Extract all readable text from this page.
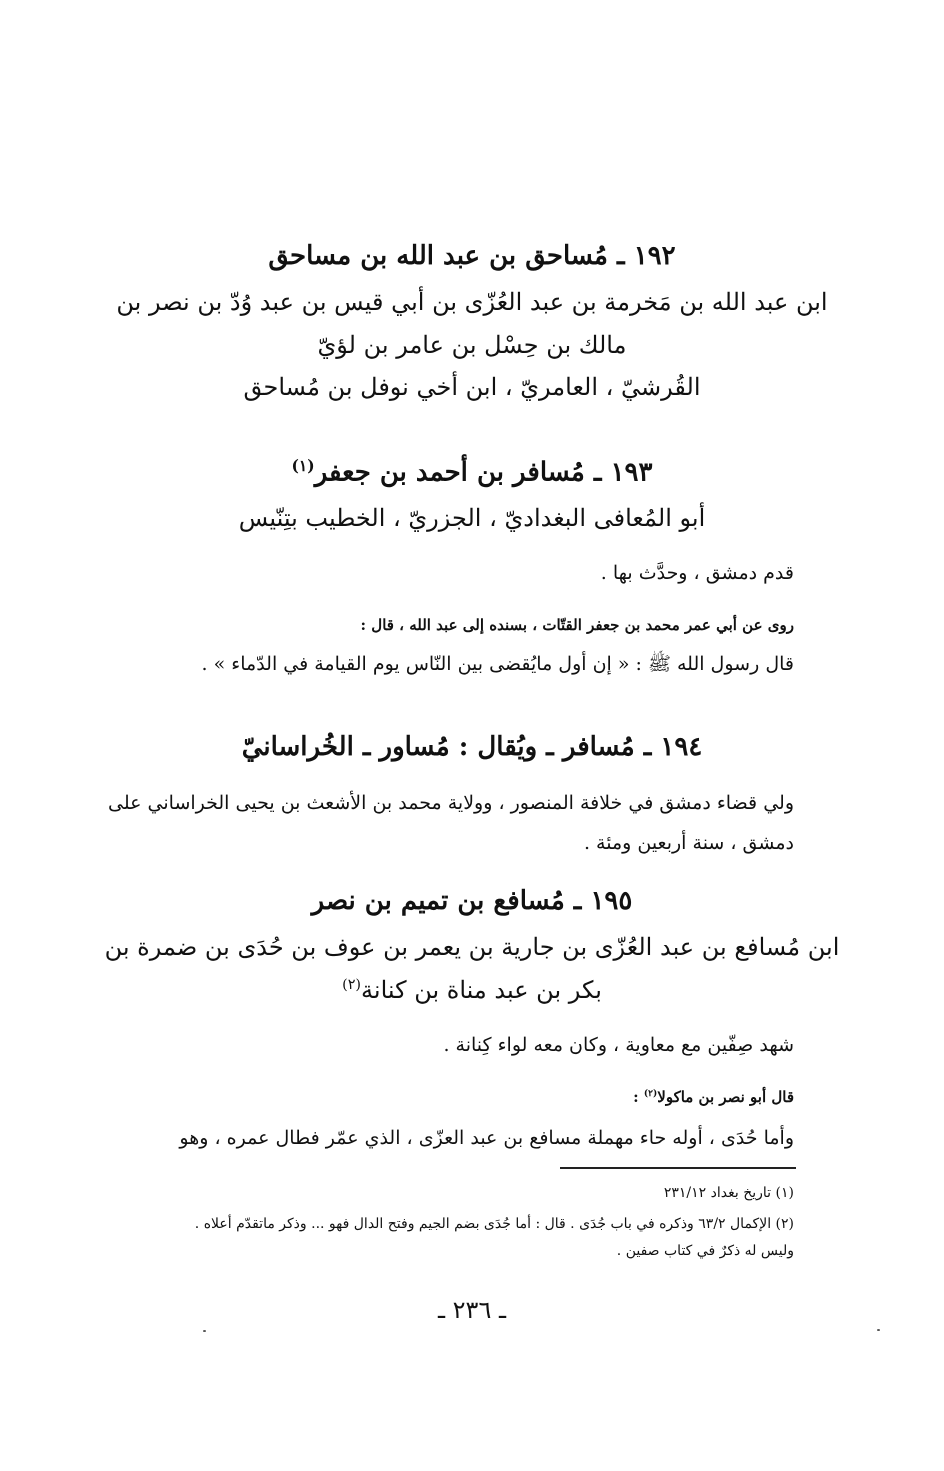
١٩٢ ـ مُساحق بن عبد الله بن مساحق
ابن عبد الله بن مَخرمة بن عبد العُزّى بن أبي قيس بن عبد وُدّ بن نصر بن
مالك بن حِسْل بن عامر بن لؤيّ
القُرشيّ ، العامريّ ، ابن أخي نوفل بن مُساحق
١٩٣ ـ مُسافر بن أحمد بن جعفر$^{(١)}$
أبو المُعافى البغداديّ ، الجزريّ ، الخطيب بتِنّيس
قدم دمشق ، وحدَّث بها .
روى عن أبي عمر محمد بن جعفر القتّات ، بسنده إلى عبد الله ، قال :
قال رسول الله ﷺ : « إن أول مايُقضى بين النّاس يوم القيامة في الدّماء » .
١٩٤ ـ مُسافر ـ ويُقال : مُساور ـ الخُراسانيّ
ولي قضاء دمشق في خلافة المنصور ، وولاية محمد بن الأشعث بن يحيى الخراساني على
دمشق ، سنة أربعين ومئة .
١٩٥ ـ مُسافع بن تميم بن نصر
ابن مُسافع بن عبد العُزّى بن جارية بن يعمر بن عوف بن حُدَى بن ضمرة بن
بكر بن عبد مناة بن كنانة$^{(٢)}$
شهد صِفّين مع معاوية ، وكان معه لواء كِنانة .
قال أبو نصر بن ماكولا$^{(٢)}$ :
وأما حُدَى ، أوله حاء مهملة مسافع بن عبد العزّى ، الذي عمّر فطال عمره ، وهو
(١) تاريخ بغداد ٢٣١/١٢
(٢) الإكمال ٦٣/٢ وذكره في باب جُدَى . قال : أما جُدَى بضم الجيم وفتح الدال فهو ... وذكر ماتقدّم أعلاه .
وليس له ذكرٌ في كتاب صفين .
ـ ٢٣٦ ـ
